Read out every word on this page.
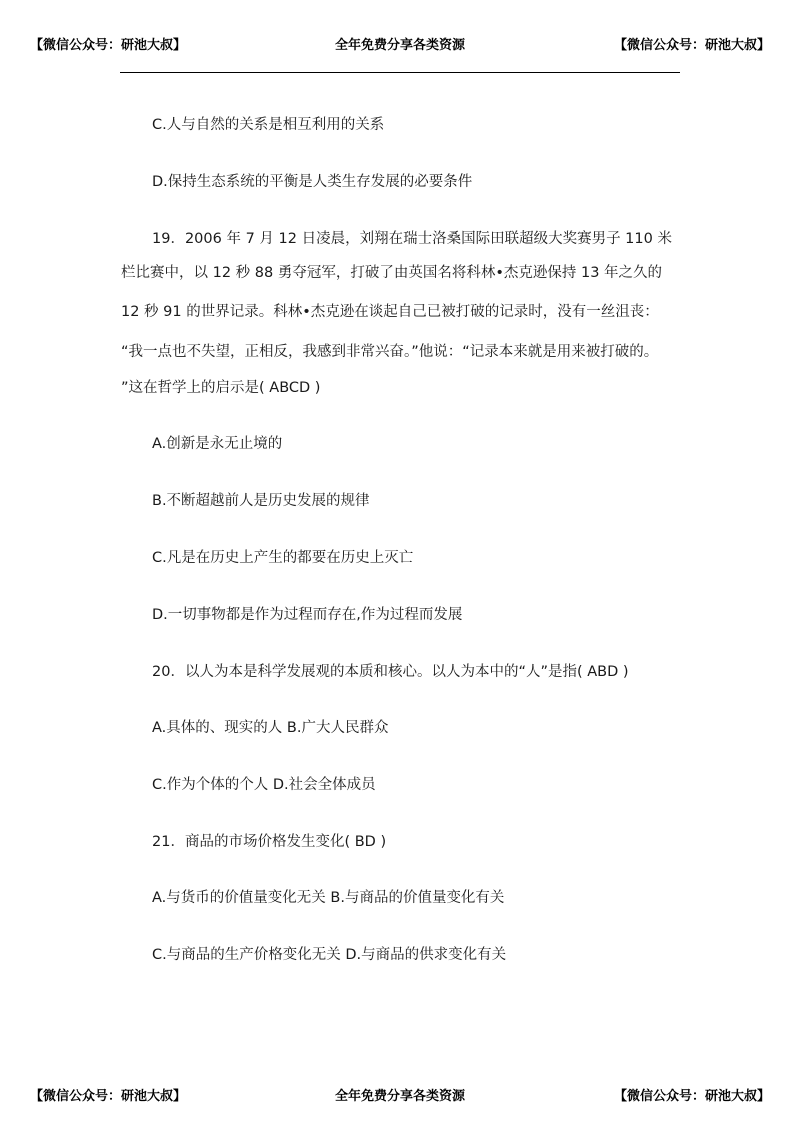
【微信公众号：研池大叔】	全年免费分享各类资源	【微信公众号：研池大叔】
C.人与自然的关系是相互利用的关系
D.保持生态系统的平衡是人类生存发展的必要条件
19．2006 年 7 月 12 日凌晨，刘翔在瑞士洛桑国际田联超级大奖赛男子 110 米
栏比赛中，以 12 秒 88 勇夺冠军，打破了由英国名将科林•杰克逊保持 13 年之久的
12 秒 91 的世界记录。科林•杰克逊在谈起自己已被打破的记录时，没有一丝沮丧：
“我一点也不失望，正相反，我感到非常兴奋。”他说：“记录本来就是用来被打破的。
”这在哲学上的启示是( ABCD )
A.创新是永无止境的
B.不断超越前人是历史发展的规律
C.凡是在历史上产生的都要在历史上灭亡
D.一切事物都是作为过程而存在,作为过程而发展
20．以人为本是科学发展观的本质和核心。以人为本中的“人”是指( ABD )
A.具体的、现实的人 B.广大人民群众
C.作为个体的个人 D.社会全体成员
21．商品的市场价格发生变化( BD )
A.与货币的价值量变化无关 B.与商品的价值量变化有关
C.与商品的生产价格变化无关 D.与商品的供求变化有关
【微信公众号：研池大叔】	全年免费分享各类资源	【微信公众号：研池大叔】
